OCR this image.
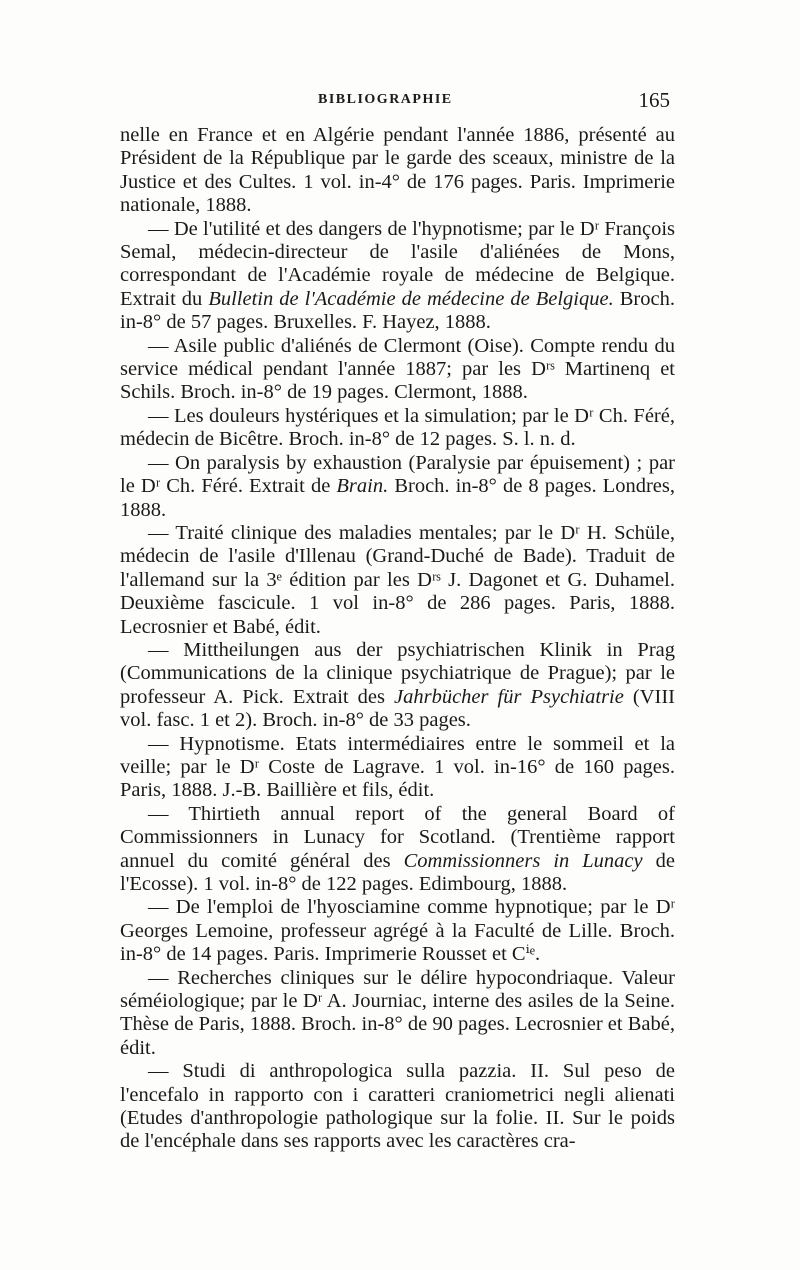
BIBLIOGRAPHIE	165

nelle en France et en Algérie pendant l'année 1886, présenté au Président de la République par le garde des sceaux, ministre de la Justice et des Cultes. 1 vol. in-4° de 176 pages. Paris. Imprimerie nationale, 1888.

— De l'utilité et des dangers de l'hypnotisme; par le Dʳ François Semal, médecin-directeur de l'asile d'aliénées de Mons, correspondant de l'Académie royale de médecine de Belgique. Extrait du Bulletin de l'Académie de médecine de Belgique. Broch. in-8° de 57 pages. Bruxelles. F. Hayez, 1888.

— Asile public d'aliénés de Clermont (Oise). Compte rendu du service médical pendant l'année 1887; par les Dʳˢ Martinenq et Schils. Broch. in-8° de 19 pages. Clermont, 1888.

— Les douleurs hystériques et la simulation; par le Dʳ Ch. Féré, médecin de Bicêtre. Broch. in-8° de 12 pages. S. l. n. d.

— On paralysis by exhaustion (Paralysie par épuisement) ; par le Dʳ Ch. Féré. Extrait de Brain. Broch. in-8° de 8 pages. Londres, 1888.

— Traité clinique des maladies mentales; par le Dʳ H. Schüle, médecin de l'asile d'Illenau (Grand-Duché de Bade). Traduit de l'allemand sur la 3ᵉ édition par les Dʳˢ J. Dagonet et G. Duhamel. Deuxième fascicule. 1 vol in-8° de 286 pages. Paris, 1888. Lecrosnier et Babé, édit.

— Mittheilungen aus der psychiatrischen Klinik in Prag (Communications de la clinique psychiatrique de Prague); par le professeur A. Pick. Extrait des Jahrbücher für Psychiatrie (VIII vol. fasc. 1 et 2). Broch. in-8° de 33 pages.

— Hypnotisme. Etats intermédiaires entre le sommeil et la veille; par le Dʳ Coste de Lagrave. 1 vol. in-16° de 160 pages. Paris, 1888. J.-B. Baillière et fils, édit.

— Thirtieth annual report of the general Board of Commissionners in Lunacy for Scotland. (Trentième rapport annuel du comité général des Commissionners in Lunacy de l'Ecosse). 1 vol. in-8° de 122 pages. Edimbourg, 1888.

— De l'emploi de l'hyosciamine comme hypnotique; par le Dʳ Georges Lemoine, professeur agrégé à la Faculté de Lille. Broch. in-8° de 14 pages. Paris. Imprimerie Rousset et Cⁱᵉ.

— Recherches cliniques sur le délire hypocondriaque. Valeur séméiologique; par le Dʳ A. Journiac, interne des asiles de la Seine. Thèse de Paris, 1888. Broch. in-8° de 90 pages. Lecrosnier et Babé, édit.

— Studi di anthropologica sulla pazzia. II. Sul peso de l'encefalo in rapporto con i caratteri craniometrici negli alienati (Etudes d'anthropologie pathologique sur la folie. II. Sur le poids de l'encéphale dans ses rapports avec les caractères cra-
